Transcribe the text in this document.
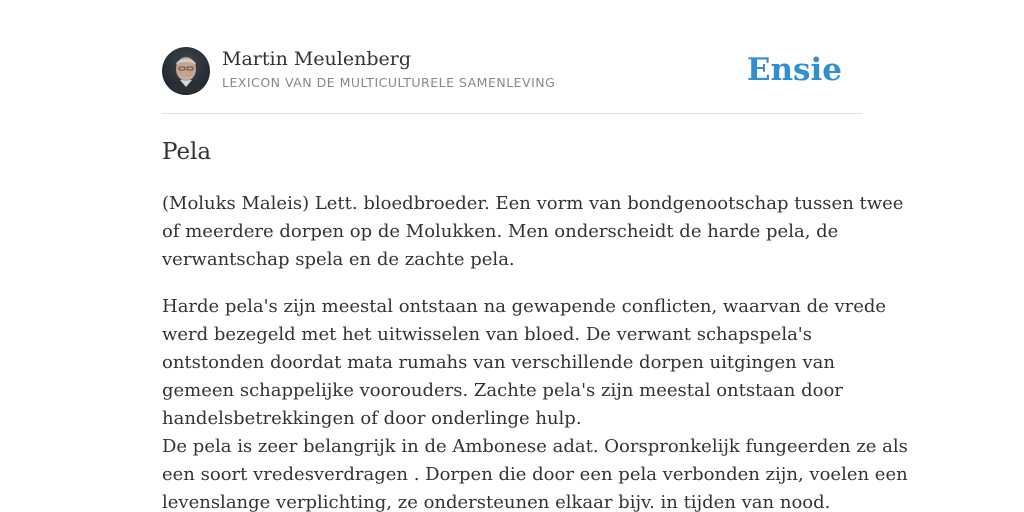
Martin Meulenberg
LEXICON VAN DE MULTICULTURELE SAMENLEVING	Ensie
Pela

(Moluks Maleis) Lett. bloedbroeder. Een vorm van bondgenootschap tussen twee
of meerdere dorpen op de Molukken. Men onderscheidt de harde pela, de
verwantschap spela en de zachte pela.

Harde pela's zijn meestal ontstaan na gewapende conflicten, waarvan de vrede
werd bezegeld met het uitwisselen van bloed. De verwant schapspela's
ontstonden doordat mata rumahs van verschillende dorpen uitgingen van
gemeen schappelijke voorouders. Zachte pela's zijn meestal ontstaan door
handelsbetrekkingen of door onderlinge hulp.
De pela is zeer belangrijk in de Ambonese adat. Oorspronkelijk fungeerden ze als
een soort vredesverdragen . Dorpen die door een pela verbonden zijn, voelen een
levenslange verplichting, ze ondersteunen elkaar bijv. in tijden van nood.
